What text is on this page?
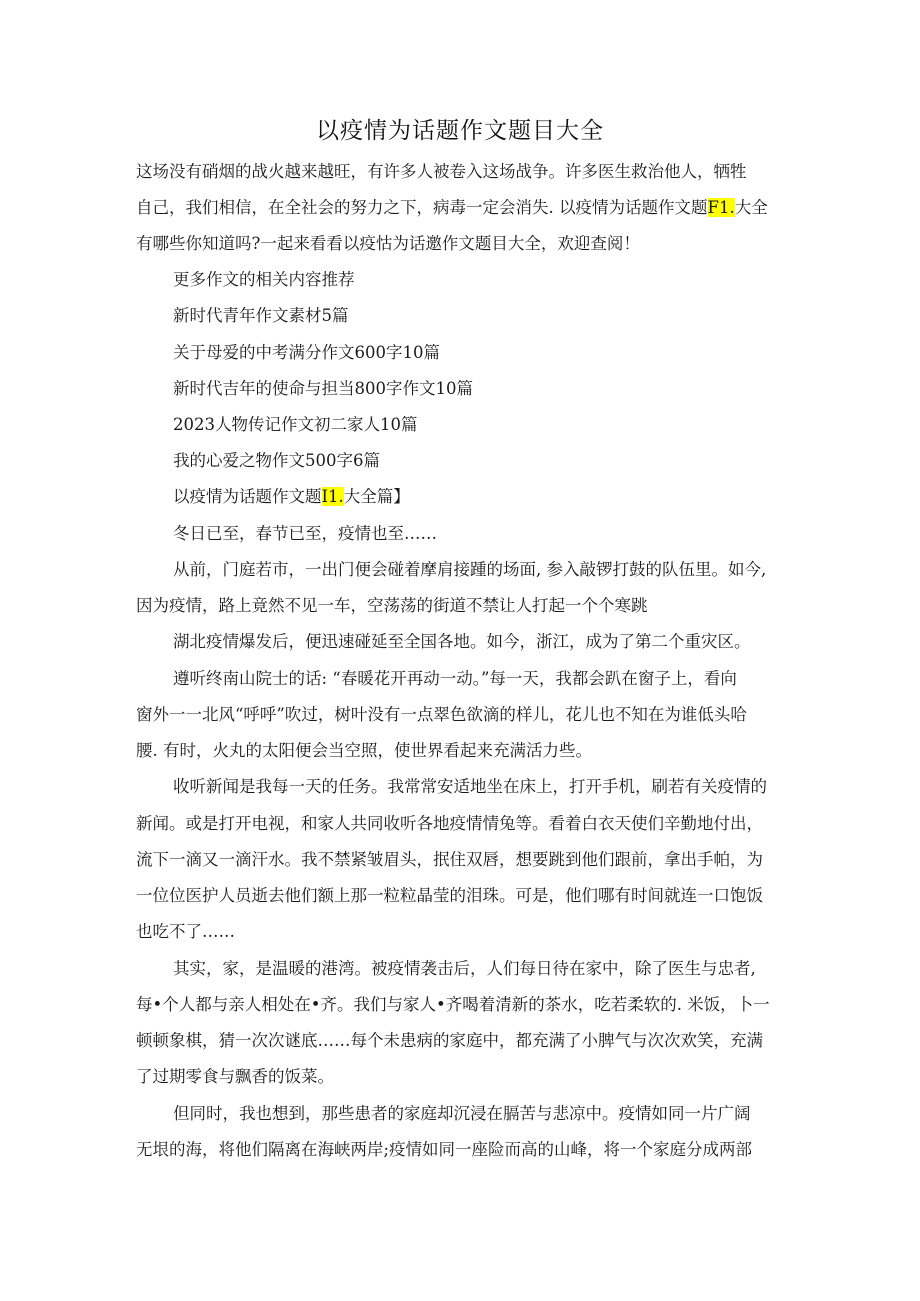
以疫情为话题作文题目大全
这场没有硝烟的战火越来越旺，有许多人被卷入这场战争。许多医生救治他人，牺牲
自己，我们相信，在全社会的努力之下，病毒一定会消失. 以疫情为话题作文题F1.大全
有哪些你知道吗?一起来看看以疫怙为话邀作文题目大全，欢迎查阅！
更多作文的相关内容推荐
新时代青年作文素材5篇
关于母爱的中考满分作文600字10篇
新时代吉年的使命与担当800字作文10篇
2023人物传记作文初二家人10篇
我的心爱之物作文500字6篇
以疫情为话题作文题I1.大全篇】
冬日已至，春节已至，疫情也至……
从前，门庭若市，一出门便会碰着摩肩接踵的场面, 参入敲锣打鼓的队伍里。如今,
因为疫情，路上竟然不见一车，空荡荡的街道不禁让人打起一个个寒跳
湖北疫情爆发后，便迅速碰延至全国各地。如今，浙江，成为了第二个重灾区。
遵听终南山院士的话: “春暖花开再动一动。”每一天，我都会趴在窗子上，看向
窗外一一北风“呼呼”吹过，树叶没有一点翠色欲滴的样儿，花儿也不知在为谁低头哈
腰. 有时，火丸的太阳便会当空照，使世界看起来充满活力些。
收听新闻是我每一天的任务。我常常安适地坐在床上，打开手机，刷若有关疫情的
新闻。或是打开电视，和家人共同收听各地疫情情兔等。看着白衣天使们辛勤地付出，
流下一滴又一滴汗水。我不禁紧皱眉头，抿住双唇，想要跳到他们跟前，拿出手帕，为
一位位医护人员逝去他们额上那一粒粒晶莹的泪珠。可是，他们哪有时间就连一口饱饭
也吃不了……
其实，家，是温暖的港湾。被疫情袭击后，人们每日待在家中，除了医生与忠者,
每•个人都与亲人相处在•齐。我们与家人•齐喝着清新的茶水，吃若柔软的. 米饭，卜一
顿顿象棋，猜一次次谜底……每个未患病的家庭中，都充满了小脾气与次次欢笑，充满
了过期零食与飘香的饭菜。
但同时，我也想到，那些患者的家庭却沉浸在膈苦与悲凉中。疫情如同一片广阔
无垠的海，将他们隔离在海峡两岸;疫情如同一座险而高的山峰，将一个家庭分成两部
